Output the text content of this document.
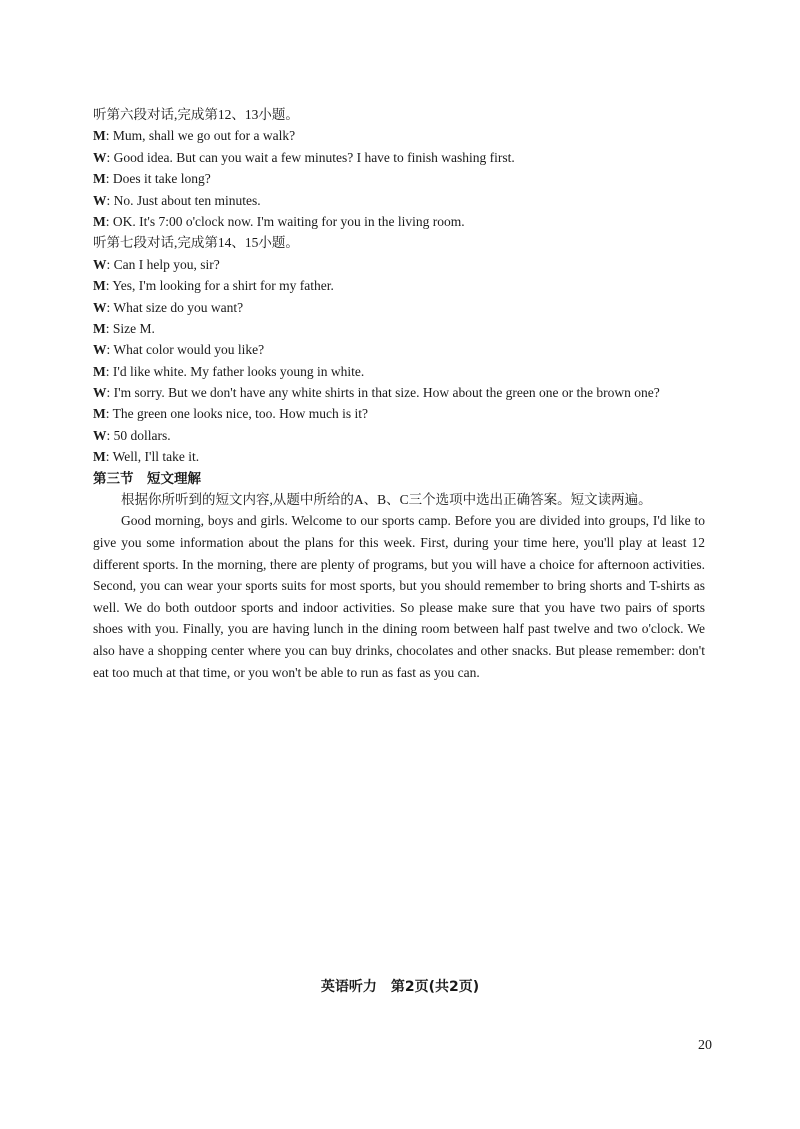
听第六段对话,完成第12、13小题。
M: Mum, shall we go out for a walk?
W: Good idea. But can you wait a few minutes? I have to finish washing first.
M: Does it take long?
W: No. Just about ten minutes.
M: OK. It's 7:00 o'clock now. I'm waiting for you in the living room.
听第七段对话,完成第14、15小题。
W: Can I help you, sir?
M: Yes, I'm looking for a shirt for my father.
W: What size do you want?
M: Size M.
W: What color would you like?
M: I'd like white. My father looks young in white.
W: I'm sorry. But we don't have any white shirts in that size. How about the green one or the brown one?
M: The green one looks nice, too. How much is it?
W: 50 dollars.
M: Well, I'll take it.
第三节　短文理解
根据你所听到的短文内容,从题中所给的A、B、C三个选项中选出正确答案。短文读两遍。

Good morning, boys and girls. Welcome to our sports camp. Before you are divided into groups, I'd like to give you some information about the plans for this week. First, during your time here, you'll play at least 12 different sports. In the morning, there are plenty of programs, but you will have a choice for afternoon activities. Second, you can wear your sports suits for most sports, but you should remember to bring shorts and T-shirts as well. We do both outdoor sports and indoor activities. So please make sure that you have two pairs of sports shoes with you. Finally, you are having lunch in the dining room between half past twelve and two o'clock. We also have a shopping center where you can buy drinks, chocolates and other snacks. But please remember: don't eat too much at that time, or you won't be able to run as fast as you can.

英语听力　第2页(共2页)
20
